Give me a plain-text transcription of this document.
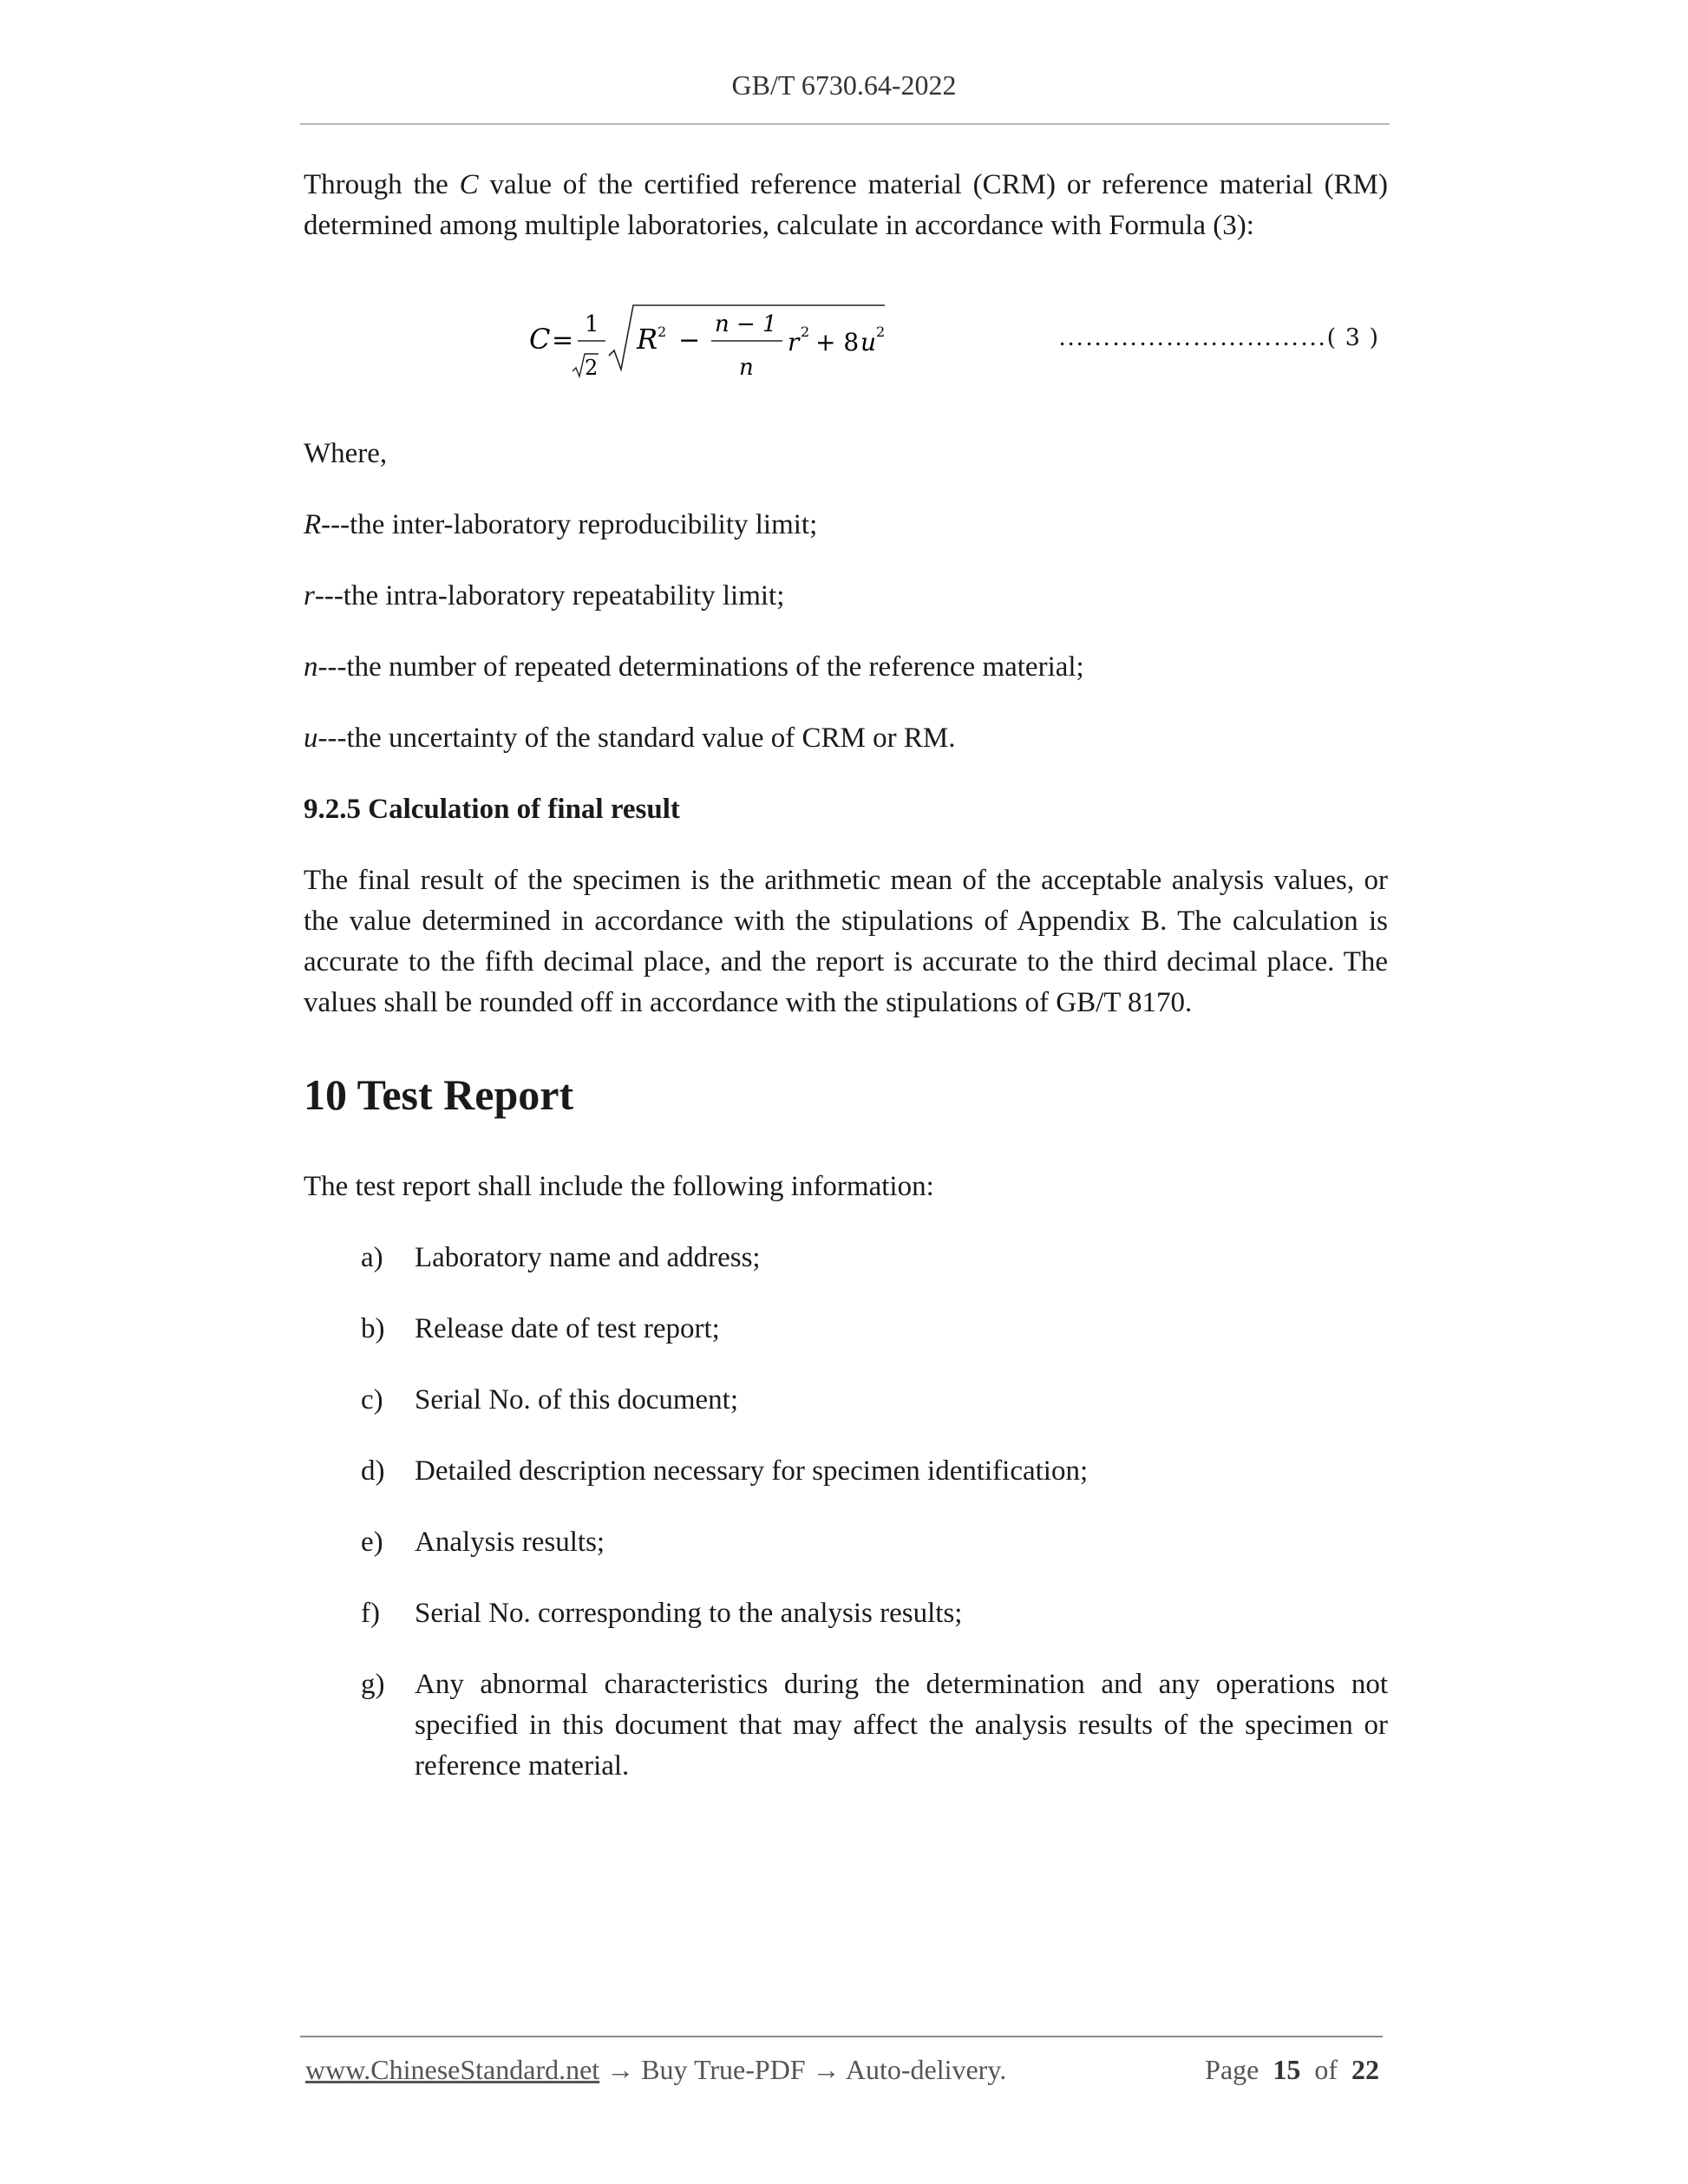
GB/T 6730.64-2022

Through the C value of the certified reference material (CRM) or reference material (RM) determined among multiple laboratories, calculate in accordance with Formula (3):

C =
1
2
R 2 −
n − 1
n
r 2 + 8 u 2	…………………………( 3 )
Where,
R---the inter-laboratory reproducibility limit;
r---the intra-laboratory repeatability limit;
n---the number of repeated determinations of the reference material;
u---the uncertainty of the standard value of CRM or RM.
9.2.5 Calculation of final result

The final result of the specimen is the arithmetic mean of the acceptable analysis values, or the value determined in accordance with the stipulations of Appendix B. The calculation is accurate to the fifth decimal place, and the report is accurate to the third decimal place. The values shall be rounded off in accordance with the stipulations of GB/T 8170.

10 Test Report
The test report shall include the following information:
a) Laboratory name and address;
b) Release date of test report;
c) Serial No. of this document;
d) Detailed description necessary for specimen identification;
e) Analysis results;
f) Serial No. corresponding to the analysis results;
g) Any abnormal characteristics during the determination and any operations not specified in this document that may affect the analysis results of the specimen or reference material.
www.ChineseStandard.net → Buy True-PDF → Auto-delivery.	Page 15 of 22
